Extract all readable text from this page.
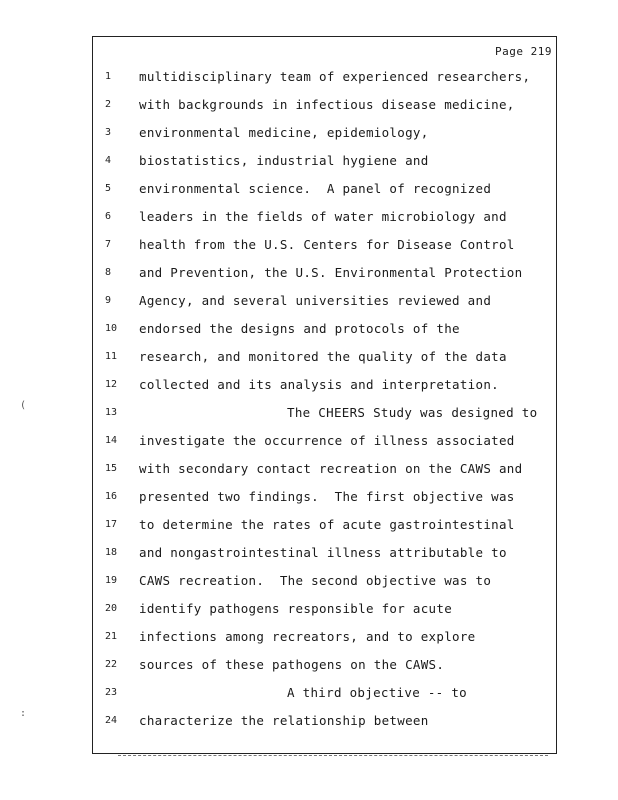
Page 219
1	multidisciplinary team of experienced researchers,
2	with backgrounds in infectious disease medicine,
3	environmental medicine, epidemiology,
4	biostatistics, industrial hygiene and
5	environmental science.  A panel of recognized
6	leaders in the fields of water microbiology and
7	health from the U.S. Centers for Disease Control
8	and Prevention, the U.S. Environmental Protection
9	Agency, and several universities reviewed and
10	endorsed the designs and protocols of the
11	research, and monitored the quality of the data
12	collected and its analysis and interpretation.
13	The CHEERS Study was designed to
14	investigate the occurrence of illness associated
15	with secondary contact recreation on the CAWS and
16	presented two findings.  The first objective was
17	to determine the rates of acute gastrointestinal
18	and nongastrointestinal illness attributable to
19	CAWS recreation.  The second objective was to
20	identify pathogens responsible for acute
21	infections among recreators, and to explore
22	sources of these pathogens on the CAWS.
23	A third objective -- to
24	characterize the relationship between
(
:
